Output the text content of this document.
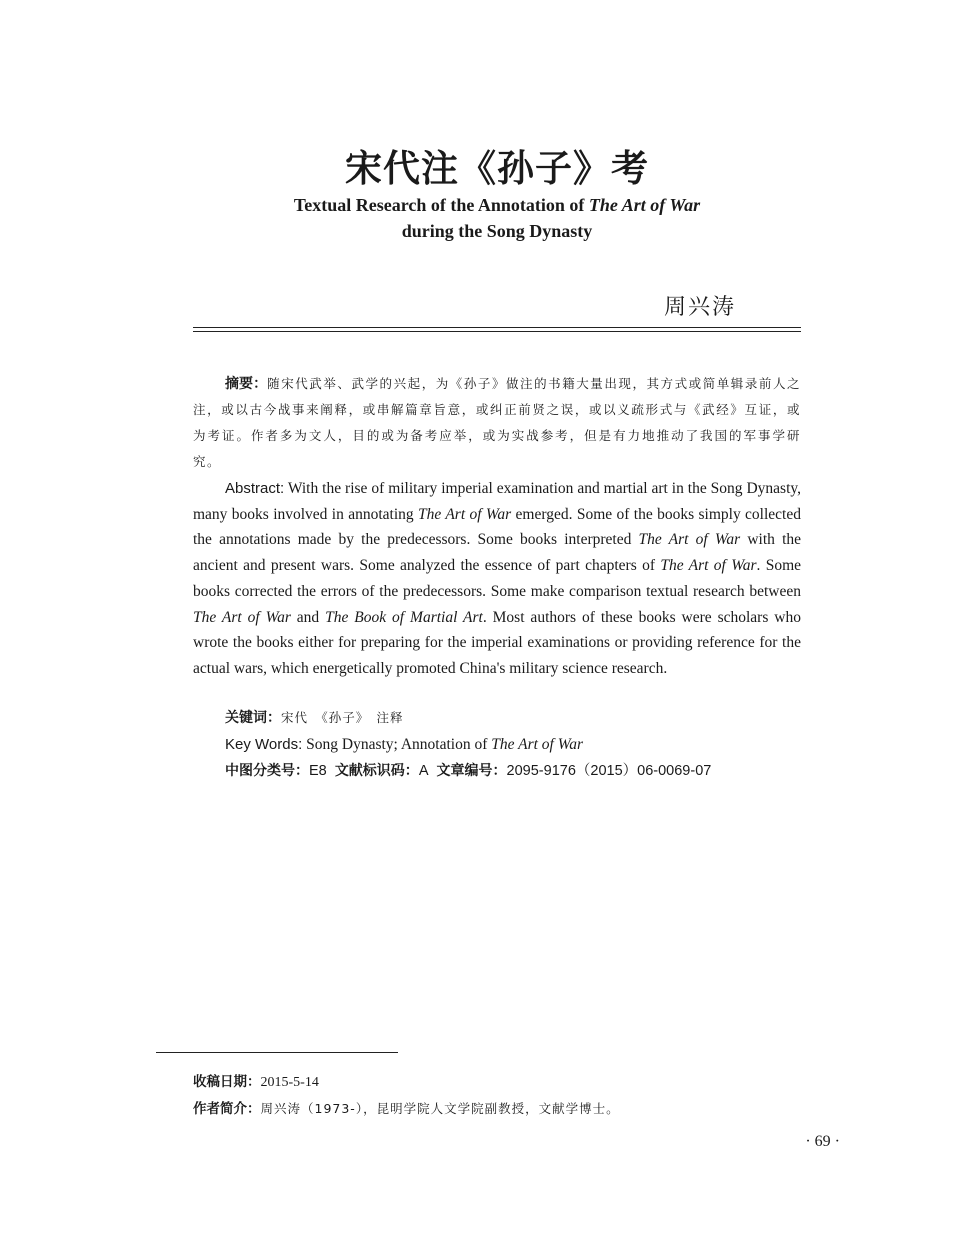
宋代注《孙子》考
Textual Research of the Annotation of The Art of War
during the Song Dynasty
周兴涛

摘要：随宋代武举、武学的兴起，为《孙子》做注的书籍大量出现，其方式或简单辑录前人之注，或以古今战事来阐释，或串解篇章旨意，或纠正前贤之误，或以义疏形式与《武经》互证，或为考证。作者多为文人，目的或为备考应举，或为实战参考，但是有力地推动了我国的军事学研究。

Abstract: With the rise of military imperial examination and martial art in the Song Dynasty, many books involved in annotating The Art of War emerged. Some of the books simply collected the annotations made by the predecessors. Some books interpreted The Art of War with the ancient and present wars. Some analyzed the essence of part chapters of The Art of War. Some books corrected the errors of the predecessors. Some make comparison textual research between The Art of War and The Book of Martial Art. Most authors of these books were scholars who wrote the books either for preparing for the imperial examinations or providing reference for the actual wars, which energetically promoted China's military science research.

关键词：宋代　《孙子》　注释

Key Words: Song Dynasty; Annotation of The Art of War

中图分类号：E8 文献标识码：A 文章编号：2095-9176（2015）06-0069-07

收稿日期：2015-5-14
作者简介：周兴涛（1973-），昆明学院人文学院副教授，文献学博士。
· 69 ·
